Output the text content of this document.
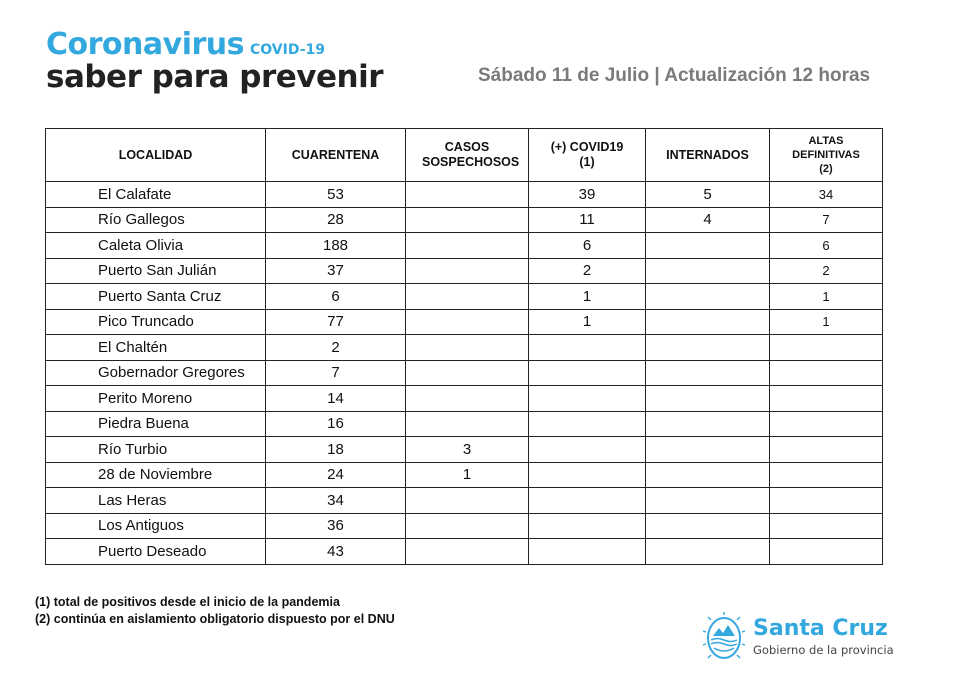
Coronavirus COVID-19
saber para prevenir	Sábado 11 de Julio | Actualización 12 horas
LOCALIDAD	CUARENTENA	CASOS SOSPECHOSOS	(+) COVID19 (1)	INTERNADOS	ALTAS DEFINITIVAS (2)

El Calafate	53		39	5	34
Río Gallegos	28		11	4	7
Caleta Olivia	188		6		6
Puerto San Julián	37		2		2
Puerto Santa Cruz	6		1		1
Pico Truncado	77		1		1
El Chaltén	2				
Gobernador Gregores	7				
Perito Moreno	14				
Piedra Buena	16				
Río Turbio	18	3			
28 de Noviembre	24	1			
Las Heras	34				
Los Antiguos	36				
Puerto Deseado	43				
(1) total de positivos desde el inicio de la pandemia
(2) continúa en aislamiento obligatorio dispuesto por el DNU	Santa Cruz
Gobierno de la provincia
